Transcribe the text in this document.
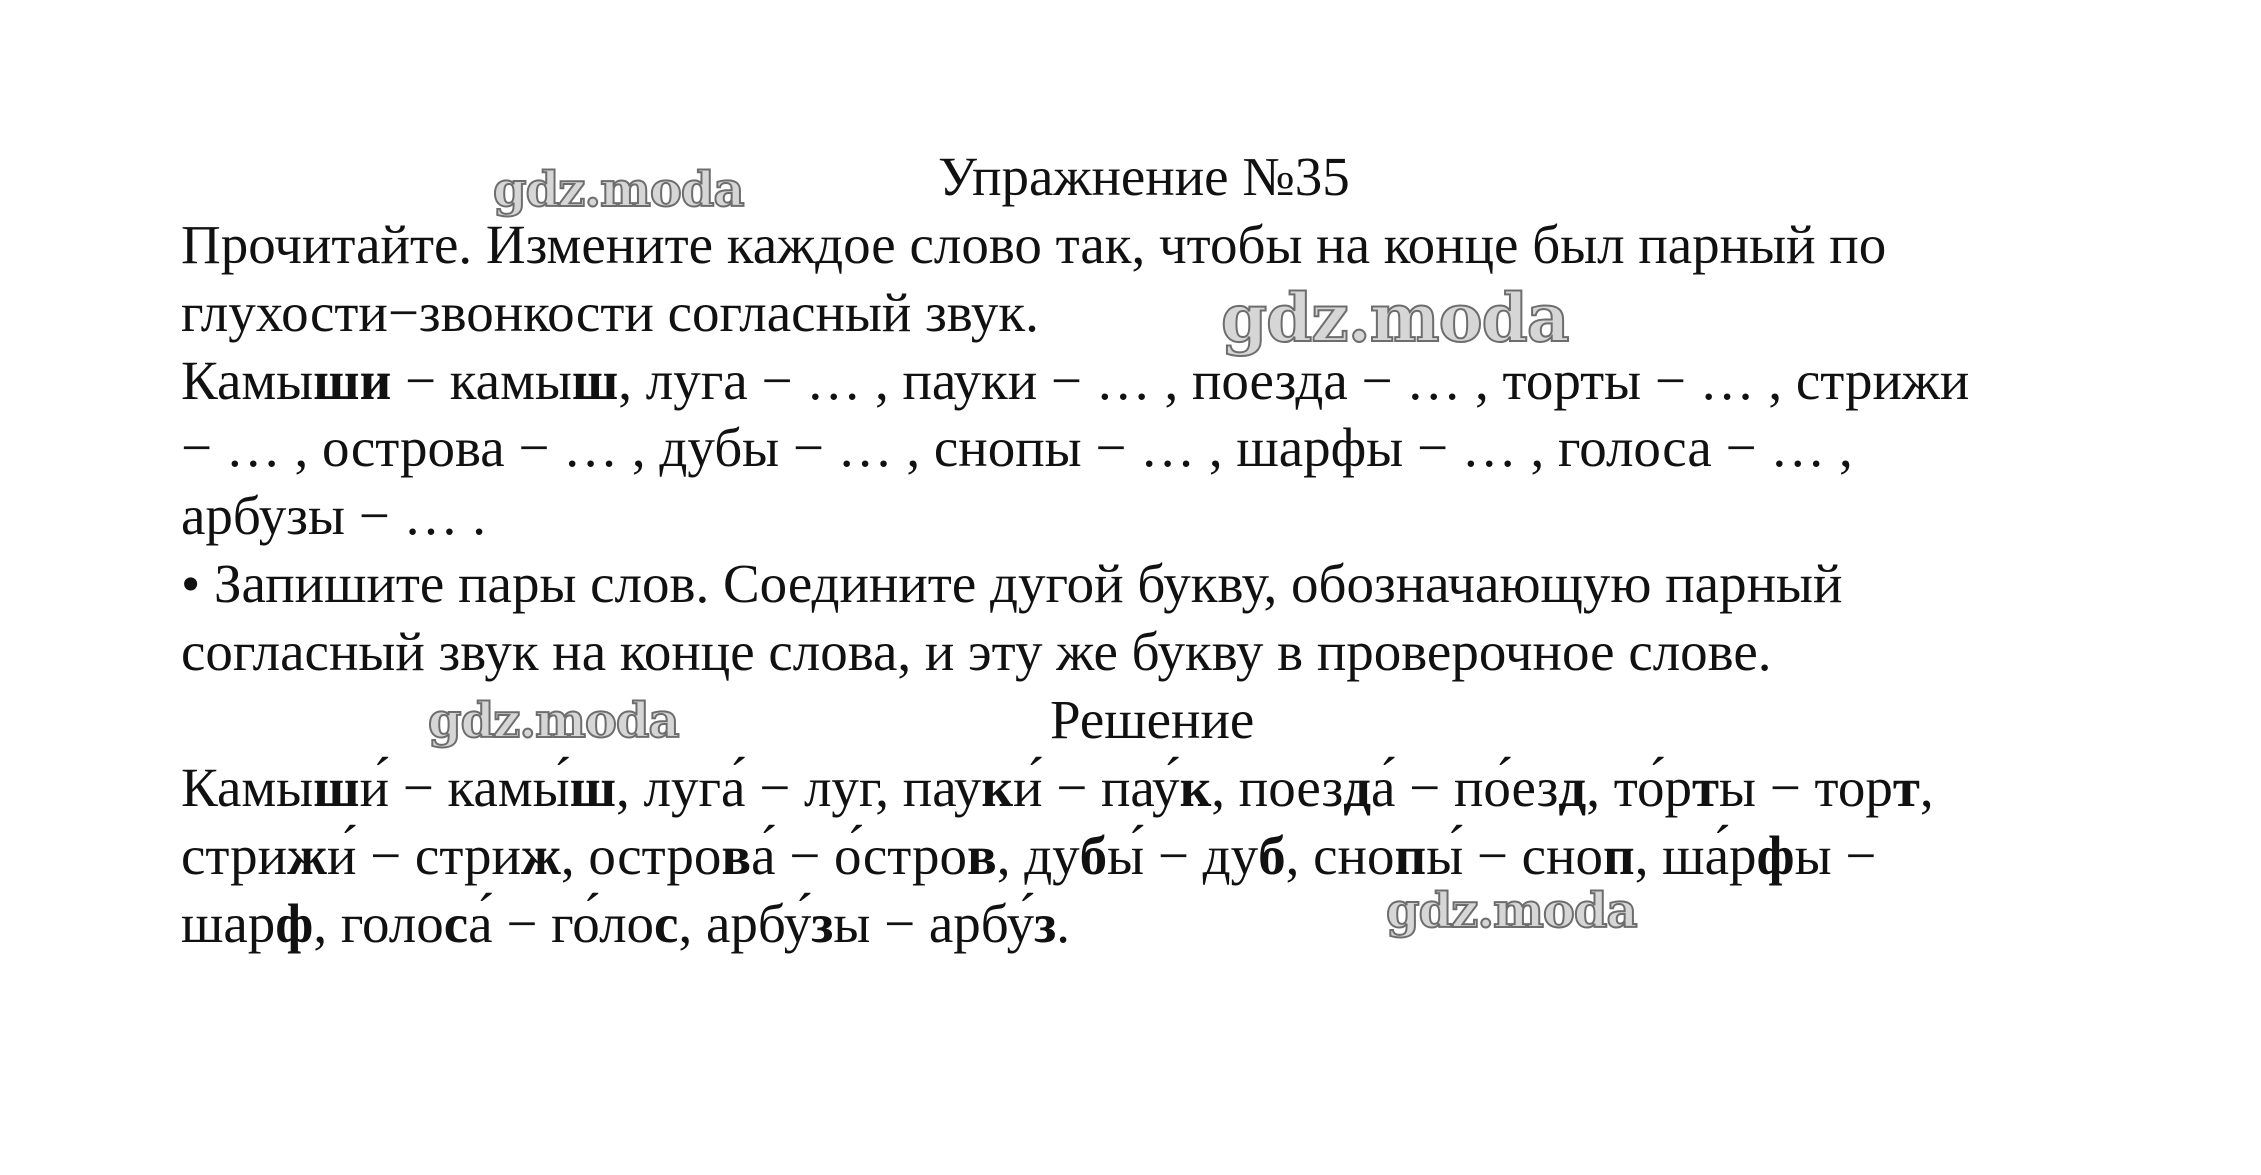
gdz.moda
gdz.moda
gdz.moda
gdz.moda
Упражнение №35

Прочитайте. Измените каждое слово так, чтобы на конце был парный по

глухости−звонкости согласный звук.

Камыши − камыш, луга − … , пауки − … , поезда − … , торты − … , стрижи

− … , острова − … , дубы − … , снопы − … , шарфы − … , голоса − … ,

арбузы − … .

• Запишите пары слов. Соедините дугой букву, обозначающую парный

согласный звук на конце слова, и эту же букву в проверочное слове.

Решение

Камыши́ − камы́ш, луга́ − луг, пауки́ − пау́к, поезда́ − по́езд, то́рты − торт,

стрижи́ − стриж, острова́ − о́стров, дубы́ − дуб, снопы́ − сноп, ша́рфы −

шарф, голоса́ − го́лос, арбу́зы − арбу́з.
